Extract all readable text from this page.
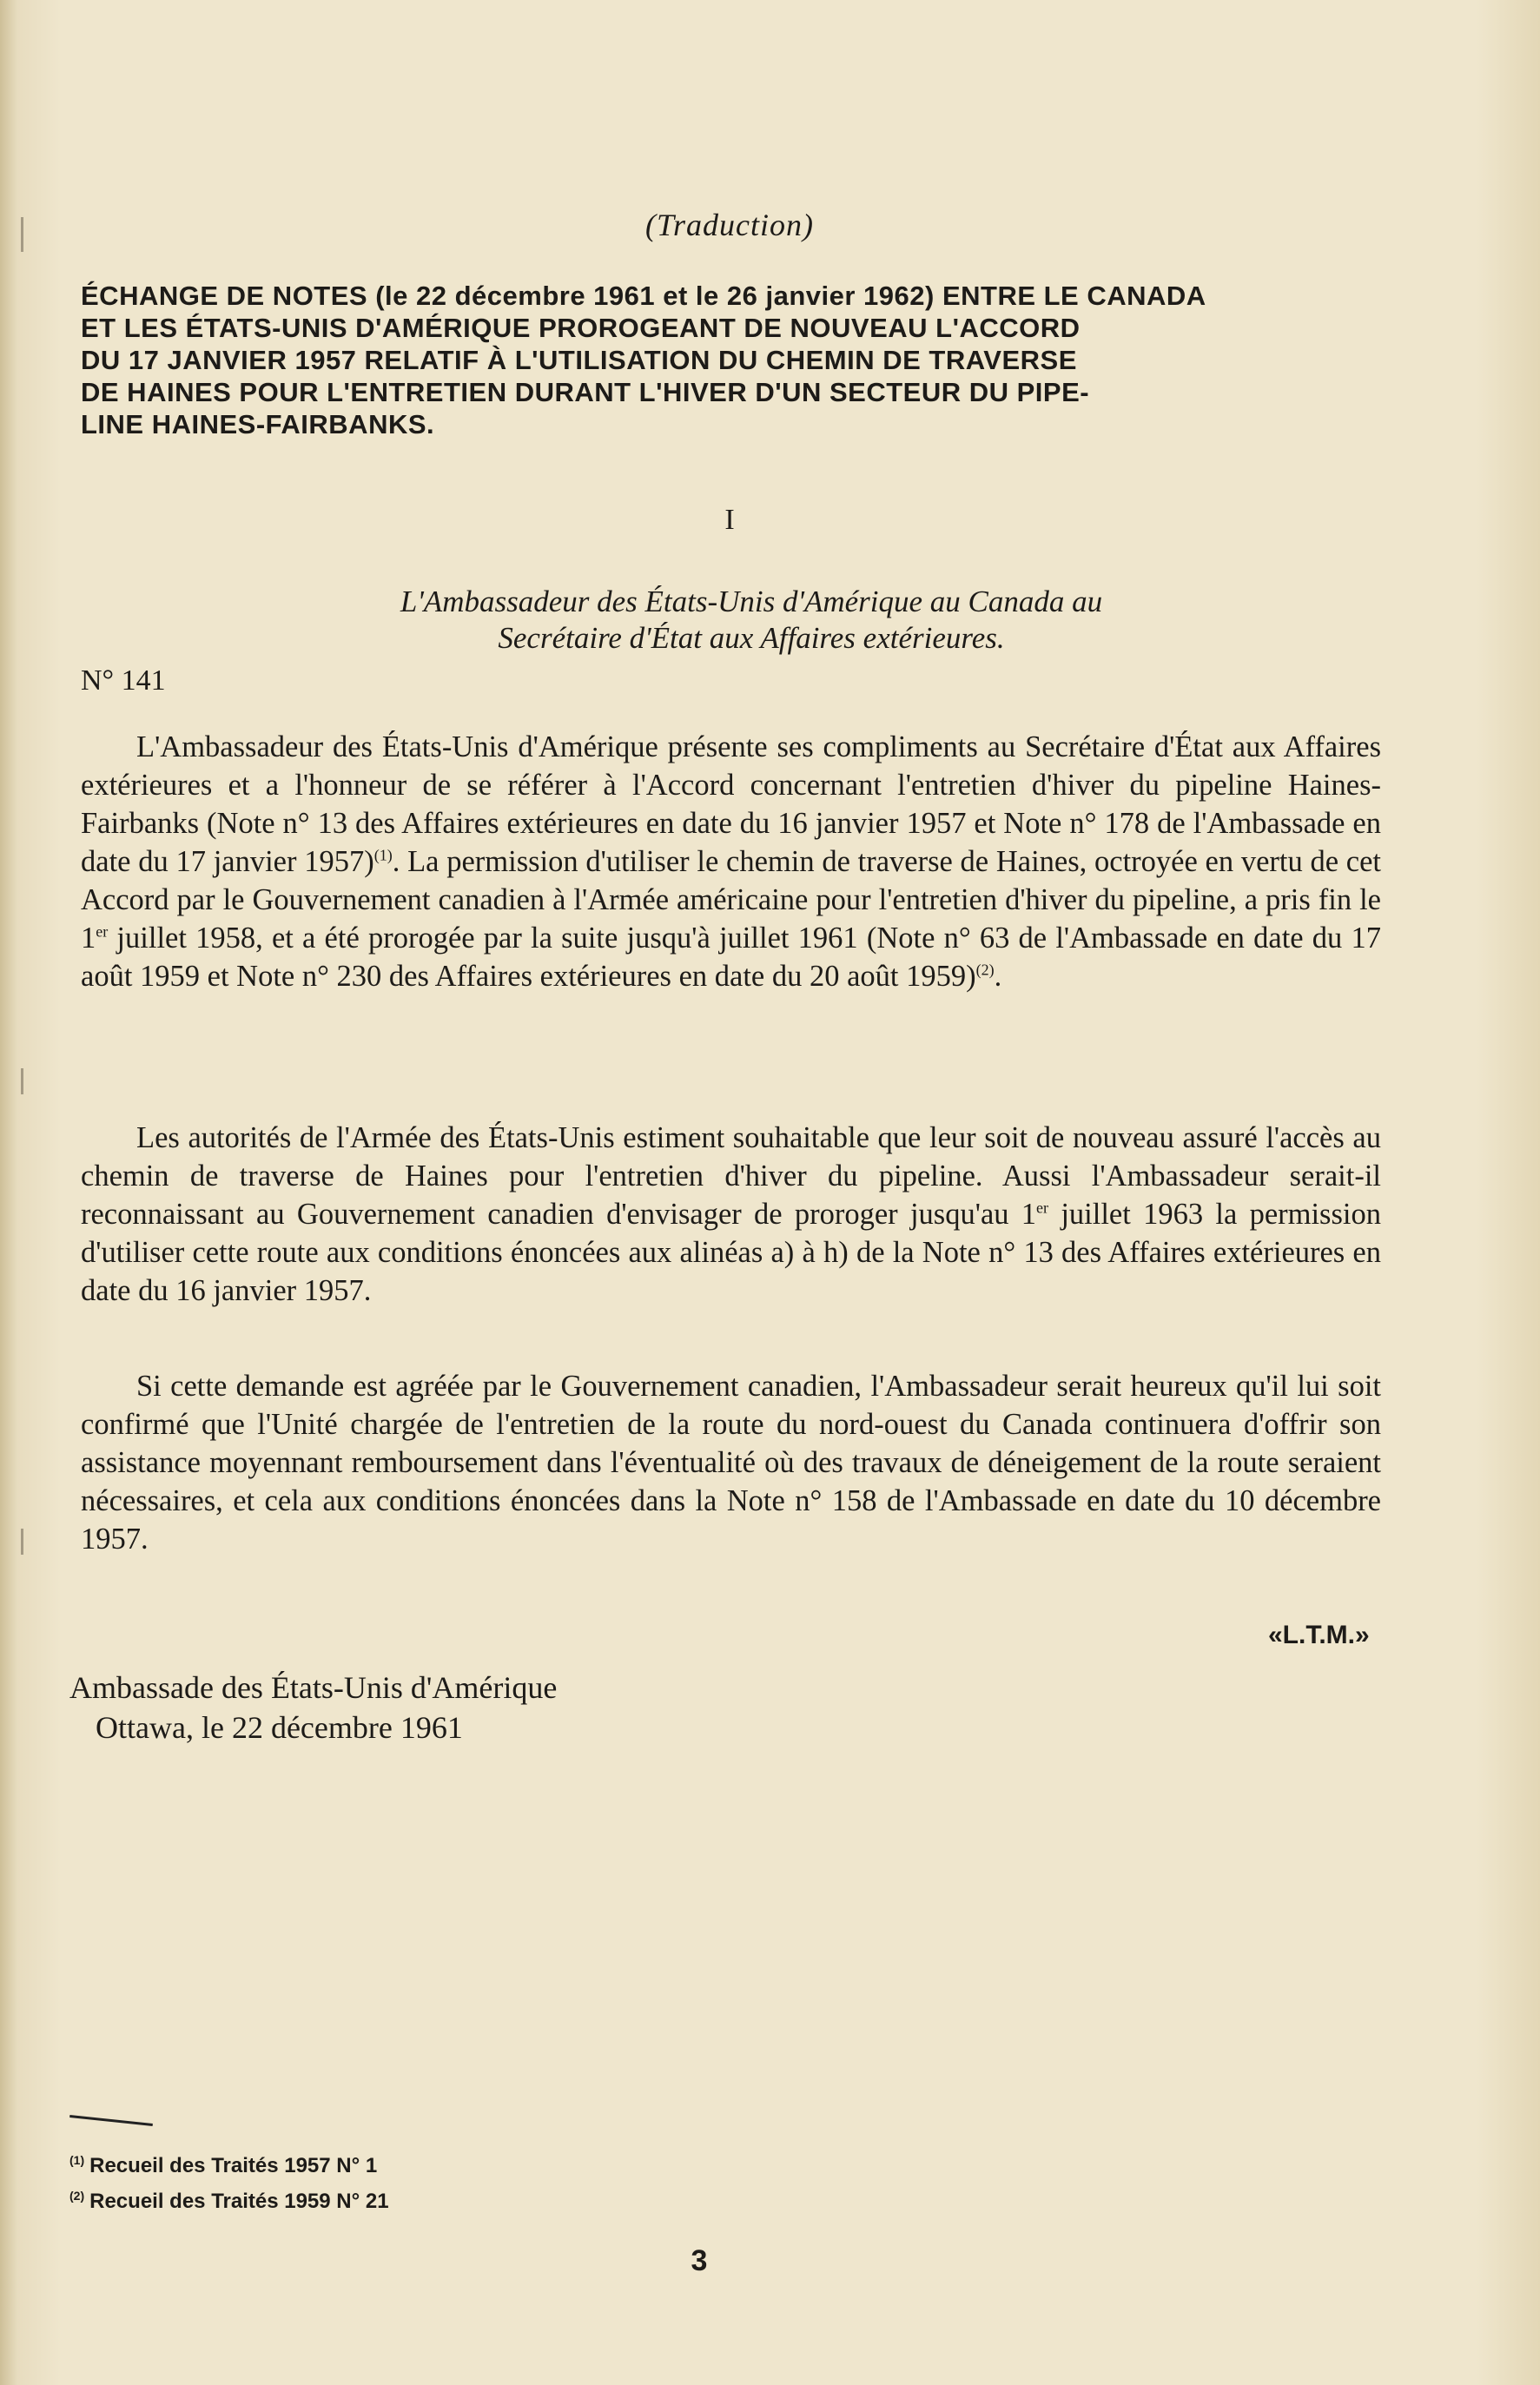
(Traduction)
ÉCHANGE DE NOTES (le 22 décembre 1961 et le 26 janvier 1962) ENTRE LE CANADA
ET LES ÉTATS-UNIS D'AMÉRIQUE PROROGEANT DE NOUVEAU L'ACCORD
DU 17 JANVIER 1957 RELATIF À L'UTILISATION DU CHEMIN DE TRAVERSE
DE HAINES POUR L'ENTRETIEN DURANT L'HIVER D'UN SECTEUR DU PIPE-
LINE HAINES-FAIRBANKS.
I
L'Ambassadeur des États-Unis d'Amérique au Canada au
Secrétaire d'État aux Affaires extérieures.
N° 141
L'Ambassadeur des États-Unis d'Amérique présente ses compliments au Secrétaire d'État aux Affaires extérieures et a l'honneur de se référer à l'Accord concernant l'entretien d'hiver du pipeline Haines-Fairbanks (Note n° 13 des Affaires extérieures en date du 16 janvier 1957 et Note n° 178 de l'Ambassade en date du 17 janvier 1957)$^{(1)}$. La permission d'utiliser le chemin de traverse de Haines, octroyée en vertu de cet Accord par le Gouvernement canadien à l'Armée américaine pour l'entretien d'hiver du pipeline, a pris fin le 1er juillet 1958, et a été prorogée par la suite jusqu'à juillet 1961 (Note n° 63 de l'Ambassade en date du 17 août 1959 et Note n° 230 des Affaires extérieures en date du 20 août 1959)$^{(2)}$.
Les autorités de l'Armée des États-Unis estiment souhaitable que leur soit de nouveau assuré l'accès au chemin de traverse de Haines pour l'entretien d'hiver du pipeline. Aussi l'Ambassadeur serait-il reconnaissant au Gouvernement canadien d'envisager de proroger jusqu'au 1er juillet 1963 la permission d'utiliser cette route aux conditions énoncées aux alinéas a) à h) de la Note n° 13 des Affaires extérieures en date du 16 janvier 1957.
Si cette demande est agréée par le Gouvernement canadien, l'Ambassadeur serait heureux qu'il lui soit confirmé que l'Unité chargée de l'entretien de la route du nord-ouest du Canada continuera d'offrir son assistance moyennant remboursement dans l'éventualité où des travaux de déneigement de la route seraient nécessaires, et cela aux conditions énoncées dans la Note n° 158 de l'Ambassade en date du 10 décembre 1957.
«L.T.M.»
Ambassade des États-Unis d'Amérique
Ottawa, le 22 décembre 1961
$^{(1)}$ Recueil des Traités 1957 N° 1
$^{(2)}$ Recueil des Traités 1959 N° 21
3
